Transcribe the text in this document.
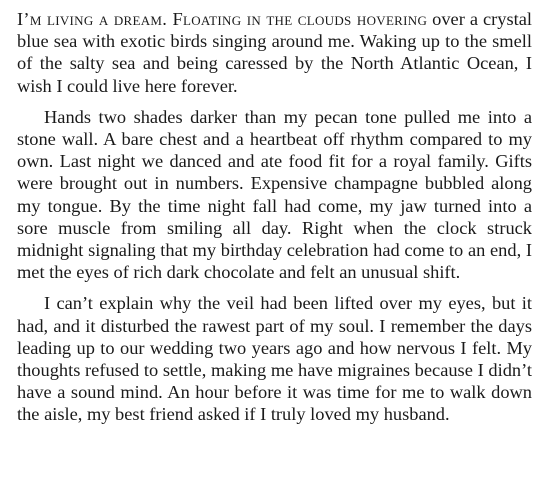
I’m living a dream. Floating in the clouds hovering over a crystal blue sea with exotic birds singing around me. Waking up to the smell of the salty sea and being caressed by the North Atlantic Ocean, I wish I could live here forever.

Hands two shades darker than my pecan tone pulled me into a stone wall. A bare chest and a heartbeat off rhythm compared to my own. Last night we danced and ate food fit for a royal family. Gifts were brought out in numbers. Expensive champagne bubbled along my tongue. By the time night fall had come, my jaw turned into a sore muscle from smiling all day. Right when the clock struck midnight signaling that my birthday celebration had come to an end, I met the eyes of rich dark chocolate and felt an unusual shift.

I can’t explain why the veil had been lifted over my eyes, but it had, and it disturbed the rawest part of my soul. I remember the days leading up to our wedding two years ago and how nervous I felt. My thoughts refused to settle, making me have migraines because I didn’t have a sound mind. An hour before it was time for me to walk down the aisle, my best friend asked if I truly loved my husband.
